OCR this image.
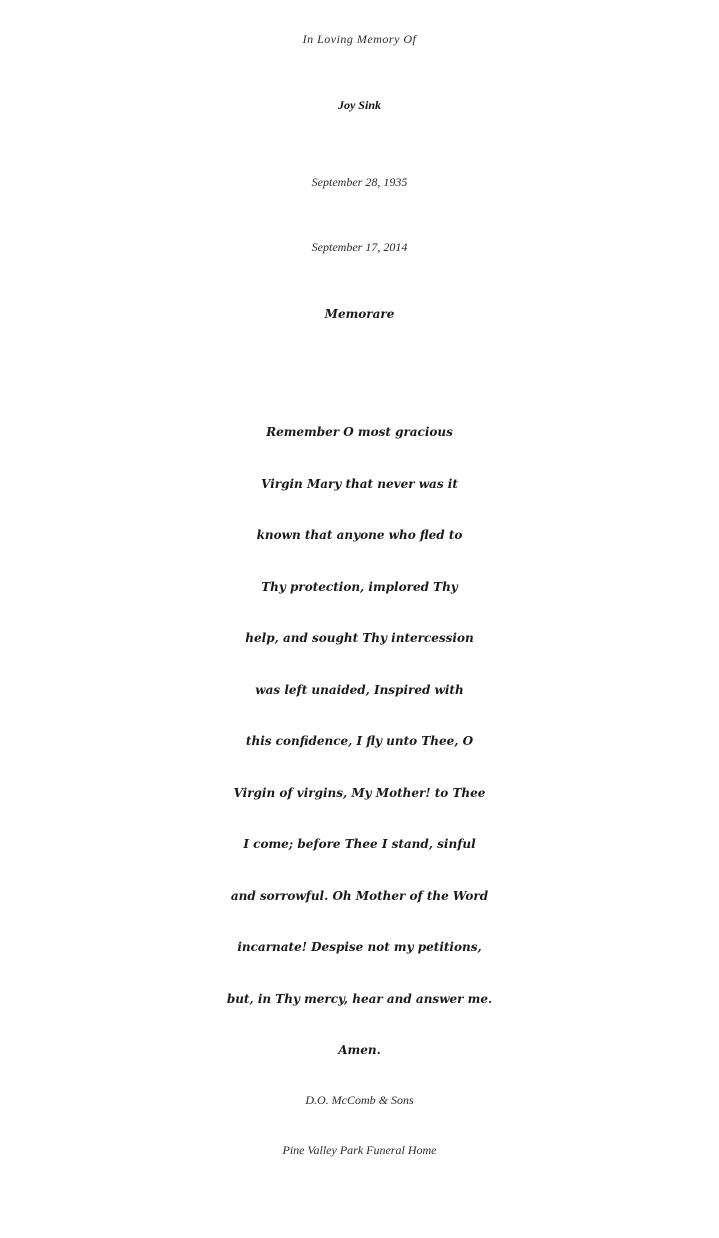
In Loving Memory Of
Joy Sink
September 28, 1935
September 17, 2014
Memorare
Remember O most gracious
Virgin Mary that never was it
known that anyone who fled to
Thy protection, implored Thy
help, and sought Thy intercession
was left unaided, Inspired with
this confidence, I fly unto Thee, O
Virgin of virgins, My Mother! to Thee
I come; before Thee I stand, sinful
and sorrowful. Oh Mother of the Word
incarnate! Despise not my petitions,
but, in Thy mercy, hear and answer me.
Amen.
D.O. McComb & Sons
Pine Valley Park Funeral Home
